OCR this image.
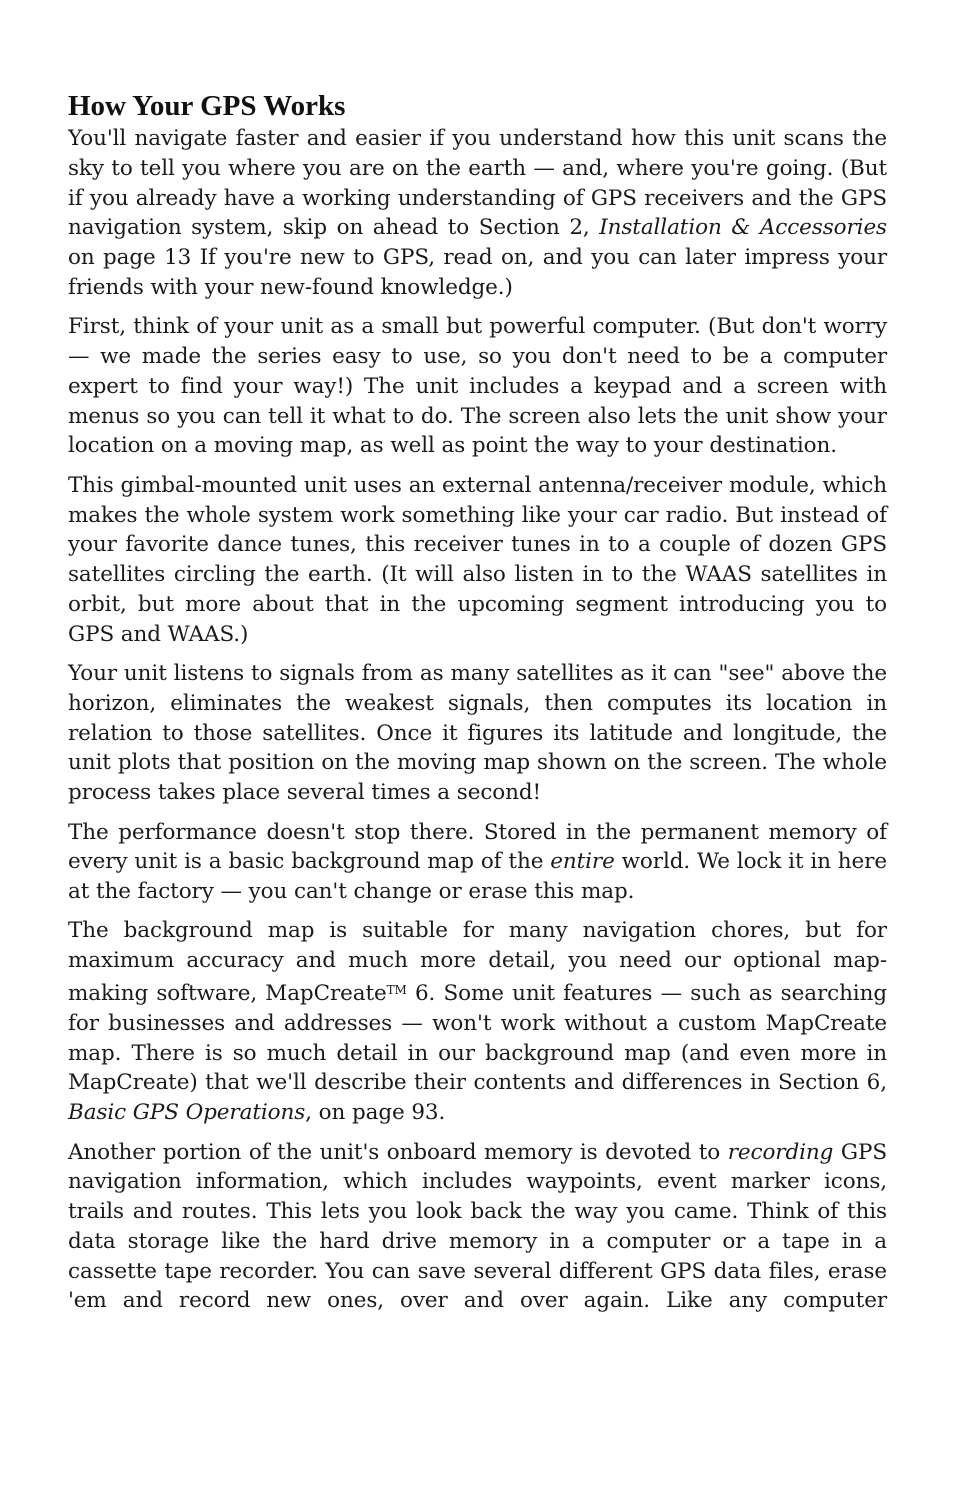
How Your GPS Works

You'll navigate faster and easier if you understand how this unit scans the sky to tell you where you are on the earth — and, where you're going. (But if you already have a working understanding of GPS receivers and the GPS navigation system, skip on ahead to Section 2, Installation & Accessories on page 13 If you're new to GPS, read on, and you can later impress your friends with your new-found knowledge.)

First, think of your unit as a small but powerful computer. (But don't worry — we made the series easy to use, so you don't need to be a computer expert to find your way!) The unit includes a keypad and a screen with menus so you can tell it what to do. The screen also lets the unit show your location on a moving map, as well as point the way to your destination.

This gimbal-mounted unit uses an external antenna/receiver module, which makes the whole system work something like your car radio. But instead of your favorite dance tunes, this receiver tunes in to a couple of dozen GPS satellites circling the earth. (It will also listen in to the WAAS satellites in orbit, but more about that in the upcoming segment introducing you to GPS and WAAS.)

Your unit listens to signals from as many satellites as it can "see" above the horizon, eliminates the weakest signals, then computes its location in relation to those satellites. Once it figures its latitude and longitude, the unit plots that position on the moving map shown on the screen. The whole process takes place several times a second!

The performance doesn't stop there. Stored in the permanent memory of every unit is a basic background map of the entire world. We lock it in here at the factory — you can't change or erase this map.

The background map is suitable for many navigation chores, but for maximum accuracy and much more detail, you need our optional map-making software, MapCreate™ 6. Some unit features — such as searching for businesses and addresses — won't work without a custom MapCreate map. There is so much detail in our background map (and even more in MapCreate) that we'll describe their contents and differences in Section 6, Basic GPS Operations, on page 93.

Another portion of the unit's onboard memory is devoted to recording GPS navigation information, which includes waypoints, event marker icons, trails and routes. This lets you look back the way you came. Think of this data storage like the hard drive memory in a computer or a tape in a cassette tape recorder. You can save several different GPS data files, erase 'em and record new ones, over and over again. Like any computer
